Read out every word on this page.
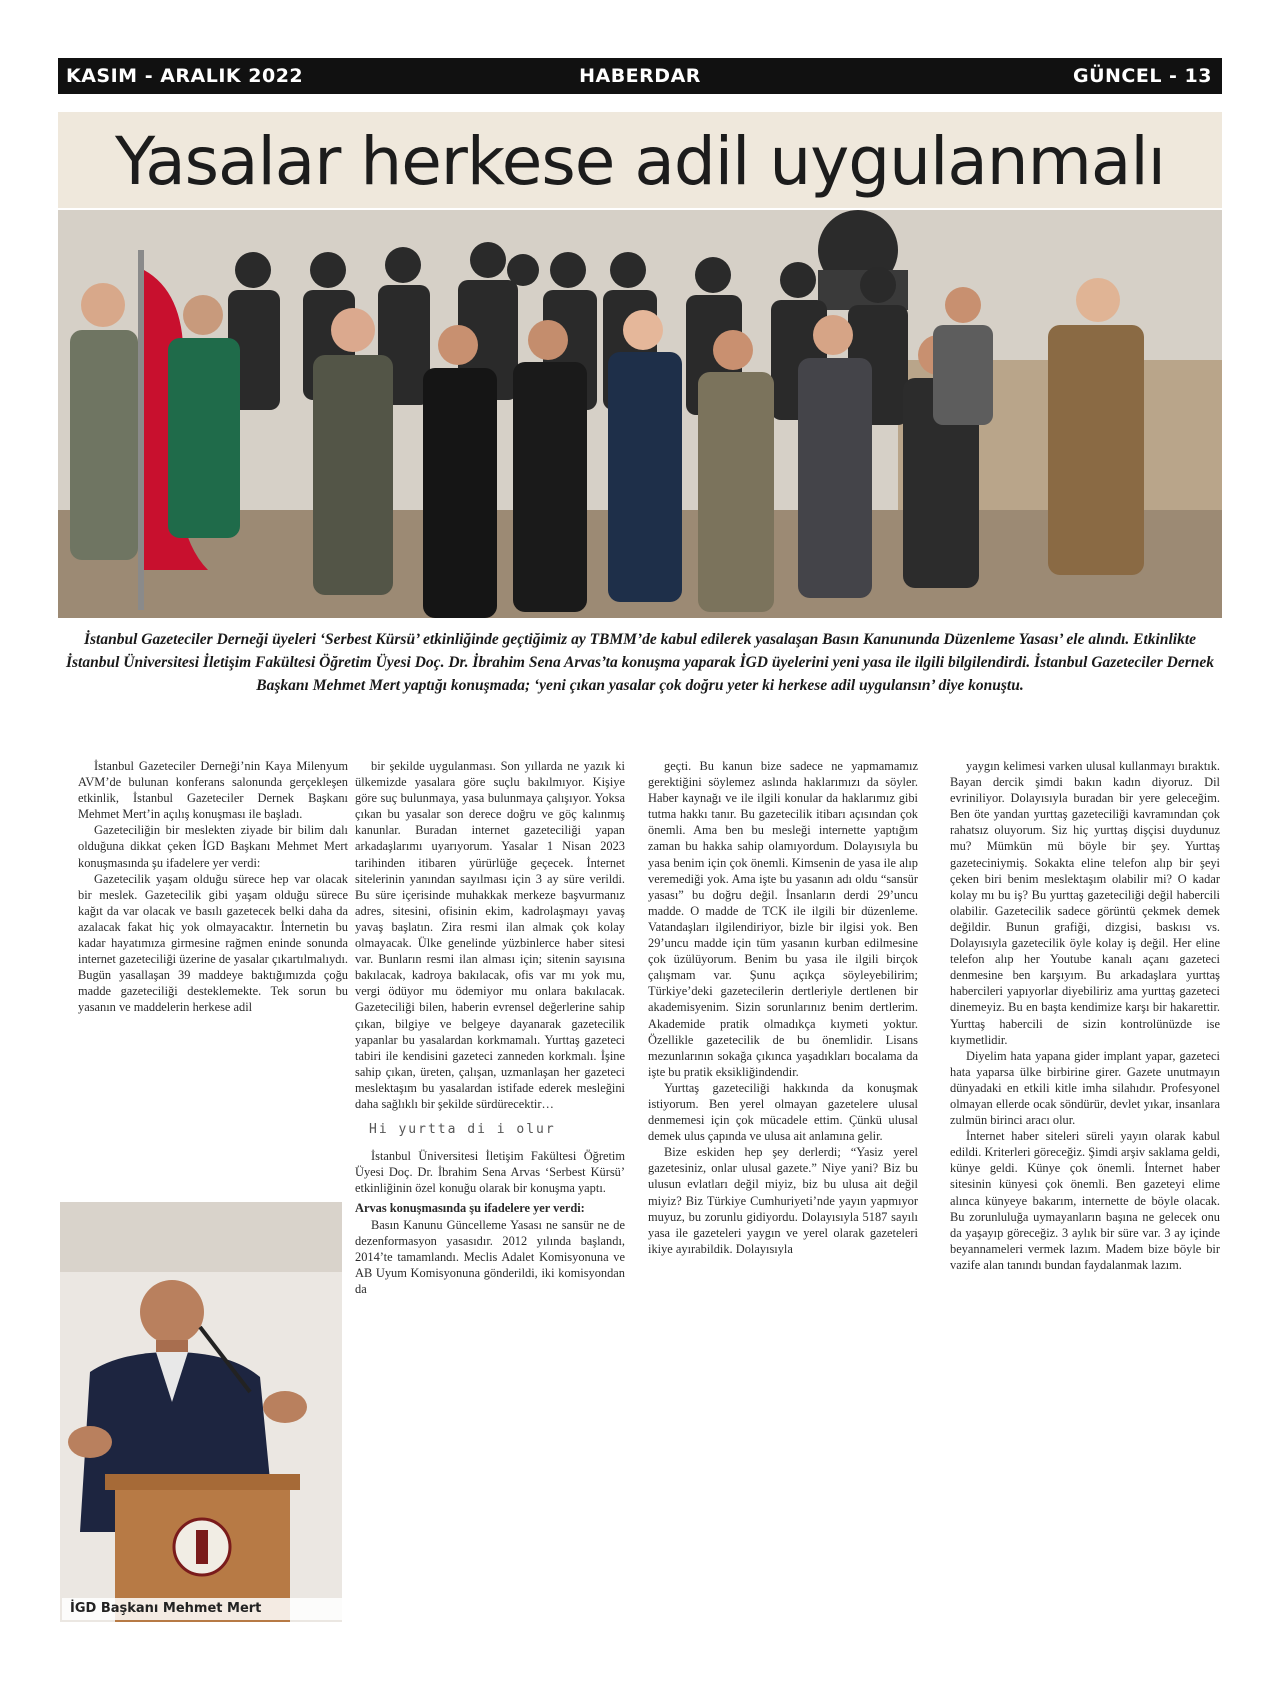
HABERDAR
KASIM - ARALIK 2022	GÜNCEL - 13
Yasalar herkese adil uygulanmalı

İstanbul Gazeteciler Derneği üyeleri ‘Serbest Kürsü’ etkinliğinde geçtiğimiz ay TBMM’de kabul edilerek yasalaşan Basın Kanununda Düzenleme Yasası’ ele alındı. Etkinlikte İstanbul Üniversitesi İletişim Fakültesi Öğretim Üyesi Doç. Dr. İbrahim Sena Arvas’ta konuşma yaparak İGD üyelerini yeni yasa ile ilgili bilgilendirdi. İstanbul Gazeteciler Dernek Başkanı Mehmet Mert yaptığı konuşmada; ‘yeni çıkan yasalar çok doğru yeter ki herkese adil uygulansın’ diye konuştu.

İstanbul Gazeteciler Derneği’nin Kaya Milenyum AVM’de bulunan konferans salonunda gerçekleşen etkinlik, İstanbul Gazeteciler Dernek Başkanı Mehmet Mert’in açılış konuşması ile başladı.

Gazeteciliğin bir meslekten ziyade bir bilim dalı olduğuna dikkat çeken İGD Başkanı Mehmet Mert konuşmasında şu ifadelere yer verdi:

Gazetecilik yaşam olduğu sürece hep var olacak bir meslek. Gazetecilik gibi yaşam olduğu sürece kağıt da var olacak ve basılı gazetecek belki daha da azalacak fakat hiç yok olmayacaktır. İnternetin bu kadar hayatımıza girmesine rağmen eninde sonunda internet gazeteciliği üzerine de yasalar çıkartılmalıydı. Bugün yasallaşan 39 maddeye baktığımızda çoğu madde gazeteciliği desteklemekte. Tek sorun bu yasanın ve maddelerin herkese adil

bir şekilde uygulanması. Son yıllarda ne yazık ki ülkemizde yasalara göre suçlu bakılmıyor. Kişiye göre suç bulunmaya, yasa bulunmaya çalışıyor. Yoksa çıkan bu yasalar son derece doğru ve göç kalınmış kanunlar. Buradan internet gazeteciliği yapan arkadaşlarımı uyarıyorum. Yasalar 1 Nisan 2023 tarihinden itibaren yürürlüğe geçecek. İnternet sitelerinin yanından sayılması için 3 ay süre verildi. Bu süre içerisinde muhakkak merkeze başvurmanız adres, sitesini, ofisinin ekim, kadrolaşmayı yavaş yavaş başlatın. Zira resmi ilan almak çok kolay olmayacak. Ülke genelinde yüzbinlerce haber sitesi var. Bunların resmi ilan alması için; sitenin sayısına bakılacak, kadroya bakılacak, ofis var mı yok mu, vergi ödüyor mu ödemiyor mu onlara bakılacak. Gazeteciliği bilen, haberin evrensel değerlerine sahip çıkan, bilgiye ve belgeye dayanarak gazetecilik yapanlar bu yasalardan korkmamalı. Yurttaş gazeteci tabiri ile kendisini gazeteci zanneden korkmalı. İşine sahip çıkan, üreten, çalışan, uzmanlaşan her gazeteci meslektaşım bu yasalardan istifade ederek mesleğini daha sağlıklı bir şekilde sürdürecektir…

Hi yurtta di i olur

İstanbul Üniversitesi İletişim Fakültesi Öğretim Üyesi Doç. Dr. İbrahim Sena Arvas ‘Serbest Kürsü’ etkinliğinin özel konuğu olarak bir konuşma yaptı.

Arvas konuşmasında şu ifadelere yer verdi:

Basın Kanunu Güncelleme Yasası ne sansür ne de dezenformasyon yasasıdır. 2012 yılında başlandı, 2014’te tamamlandı. Meclis Adalet Komisyonuna ve AB Uyum Komisyonuna gönderildi, iki komisyondan da

geçti. Bu kanun bize sadece ne yapmamamız gerektiğini söylemez aslında haklarımızı da söyler. Haber kaynağı ve ile ilgili konular da haklarımız gibi tutma hakkı tanır. Bu gazetecilik itibarı açısından çok önemli. Ama ben bu mesleği internette yaptığım zaman bu hakka sahip olamıyordum. Dolayısıyla bu yasa benim için çok önemli. Kimsenin de yasa ile alıp veremediği yok. Ama işte bu yasanın adı oldu “sansür yasası” bu doğru değil. İnsanların derdi 29’uncu madde. O madde de TCK ile ilgili bir düzenleme. Vatandaşları ilgilendiriyor, bizle bir ilgisi yok. Ben 29’uncu madde için tüm yasanın kurban edilmesine çok üzülüyorum. Benim bu yasa ile ilgili birçok çalışmam var. Şunu açıkça söyleyebilirim; Türkiye’deki gazetecilerin dertleriyle dertlenen bir akademisyenim. Sizin sorunlarınız benim dertlerim. Akademide pratik olmadıkça kıymeti yoktur. Özellikle gazetecilik de bu önemlidir. Lisans mezunlarının sokağa çıkınca yaşadıkları bocalama da işte bu pratik eksikliğindendir.

Yurttaş gazeteciliği hakkında da konuşmak istiyorum. Ben yerel olmayan gazetelere ulusal denmemesi için çok mücadele ettim. Çünkü ulusal demek ulus çapında ve ulusa ait anlamına gelir.

Bize eskiden hep şey derlerdi; “Yasiz yerel gazetesiniz, onlar ulusal gazete.” Niye yani? Biz bu ulusun evlatları değil miyiz, biz bu ulusa ait değil miyiz? Biz Türkiye Cumhuriyeti’nde yayın yapmıyor muyuz, bu zorunlu gidiyordu. Dolayısıyla 5187 sayılı yasa ile gazeteleri yaygın ve yerel olarak gazeteleri ikiye ayırabildik. Dolayısıyla

yaygın kelimesi varken ulusal kullanmayı bıraktık. Bayan dercik şimdi bakın kadın diyoruz. Dil evriniliyor. Dolayısıyla buradan bir yere geleceğim. Ben öte yandan yurttaş gazeteciliği kavramından çok rahatsız oluyorum. Siz hiç yurttaş dişçisi duydunuz mu? Mümkün mü böyle bir şey. Yurttaş gazeteciniymiş. Sokakta eline telefon alıp bir şeyi çeken biri benim meslektaşım olabilir mi? O kadar kolay mı bu iş? Bu yurttaş gazeteciliği değil habercili olabilir. Gazetecilik sadece görüntü çekmek demek değildir. Bunun grafiği, dizgisi, baskısı vs. Dolayısıyla gazetecilik öyle kolay iş değil. Her eline telefon alıp her Youtube kanalı açanı gazeteci denmesine ben karşıyım. Bu arkadaşlara yurttaş habercileri yapıyorlar diyebiliriz ama yurttaş gazeteci dinemeyiz. Bu en başta kendimize karşı bir hakarettir. Yurttaş habercili de sizin kontrolünüzde ise kıymetlidir.

Diyelim hata yapana gider implant yapar, gazeteci hata yaparsa ülke birbirine girer. Gazete unutmayın dünyadaki en etkili kitle imha silahıdır. Profesyonel olmayan ellerde ocak söndürür, devlet yıkar, insanlara zulmün birinci aracı olur.

İnternet haber siteleri süreli yayın olarak kabul edildi. Kriterleri göreceğiz. Şimdi arşiv saklama geldi, künye geldi. Künye çok önemli. İnternet haber sitesinin künyesi çok önemli. Ben gazeteyi elime alınca künyeye bakarım, internette de böyle olacak. Bu zorunluluğa uymayanların başına ne gelecek onu da yaşayıp göreceğiz. 3 aylık bir süre var. 3 ay içinde beyannameleri vermek lazım. Madem bize böyle bir vazife alan tanındı bundan faydalanmak lazım.

İGD Başkanı Mehmet Mert
